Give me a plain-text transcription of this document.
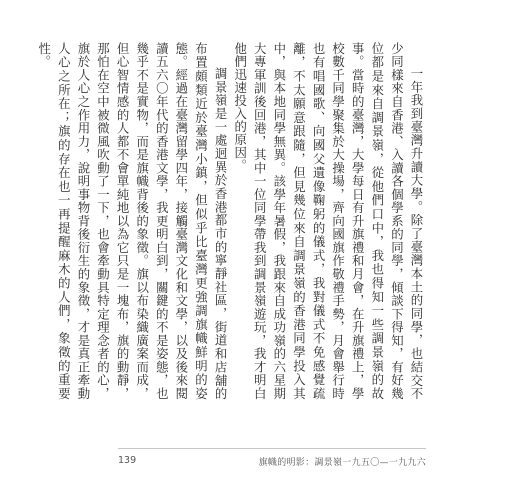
一年我到臺灣升讀大學。除了臺灣本土的同學，也結交不少同樣來自香港、入讀各個學系的同學，傾談下得知，有好幾位都是來自調景嶺，從他們口中，我也得知一些調景嶺的故事。當時的臺灣，大學每日有升旗禮和月會，在升旗禮上，學校數千同學聚集於大操場，齊向國旗作敬禮手勢，月會舉行時也有唱國歌、向國父遺像鞠躬的儀式，我對儀式不免感覺疏離，不太願意跟隨，但見幾位來自調景嶺的香港同學投入其中，與本地同學無異。該學年暑假，我跟來自成功嶺的六星期大專軍訓後回港，其中一位同學帶我到調景嶺遊玩，我才明白他們迅速投入的原因。

調景嶺是一處迥異於香港都市的寧靜社區，街道和店舖的布置頗類近於臺灣小鎮，但似乎比臺灣更強調旗幟鮮明的姿態。經過在臺灣留學四年，接觸臺灣文化和文學，以及後來閱讀五六〇年代的香港文學，我更明白到，關鍵的不是姿態，也幾乎不是實物，而是旗幟背後的象徵。旗以布染織廣案而成，但心智情感的人都不會單純地以為它只是一塊布，旗的動靜，那怕在空中被微風吹動了一下，也會牽動具特定理念者的心，旗於人心之作用力，說明事物背後衍生的象徵，才是真正牽動人心之所在；旗的存在也一再提醒麻木的人們，象徵的重要性。

139	旗幟的明影：調景嶺一九五〇—一九九六
